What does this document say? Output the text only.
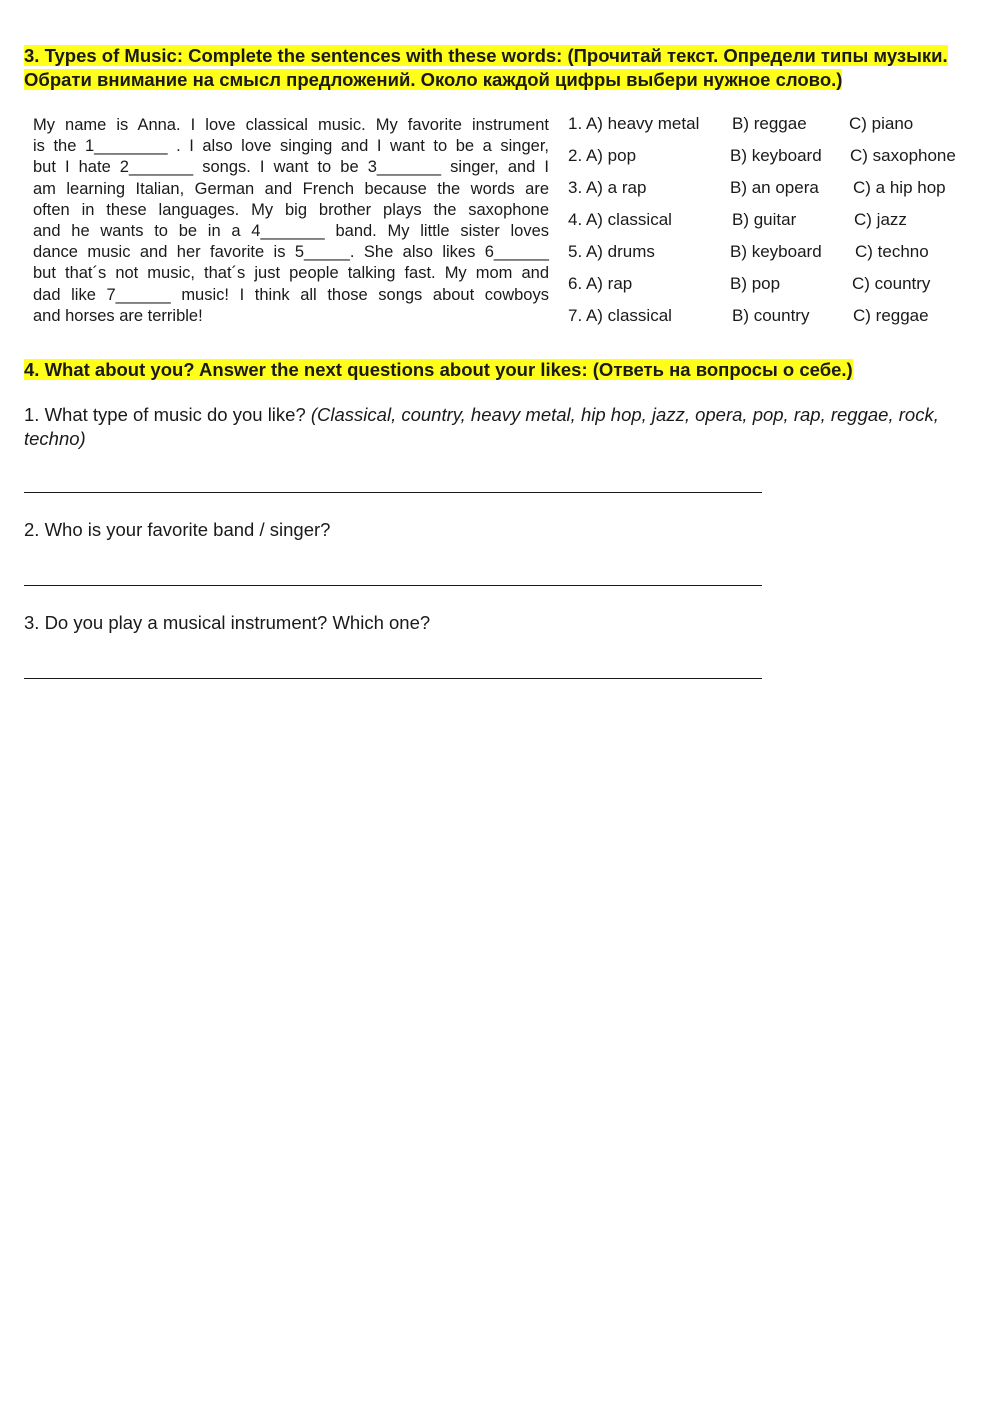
3. Types of Music: Complete the sentences with these words: (Прочитай текст. Определи типы музыки. Обрати внимание на смысл предложений. Около каждой цифры выбери нужное слово.)
My name is Anna. I love classical music. My favorite instrument
is the 1________ . I also love singing and I want to be a singer,
but I hate 2_______ songs. I want to be 3_______ singer, and I
am learning Italian, German and French because the words are
often in these languages. My big brother plays the saxophone
and he wants to be in a 4_______ band. My little sister loves
dance music and her favorite is 5_____. She also likes 6______
but that´s not music, that´s just people talking fast. My mom and
dad like 7______ music! I think all those songs about cowboys
and horses are terrible!
1. A) heavy metal B) reggae C) piano
2. A) pop	B) keyboard C) saxophone
3. A) a rap	B) an opera C) a hip hop
4. A) classical	B) guitar	C) jazz
5. A) drums	B) keyboard C) techno
6. A) rap	B) pop	C) country
7. A) classical	B) country	C) reggae
4. What about you? Answer the next questions about your likes: (Ответь на вопросы о себе.)
1. What type of music do you like? (Classical, country, heavy metal, hip hop, jazz, opera, pop, rap, reggae, rock, techno)
2. Who is your favorite band / singer?
3. Do you play a musical instrument? Which one?
